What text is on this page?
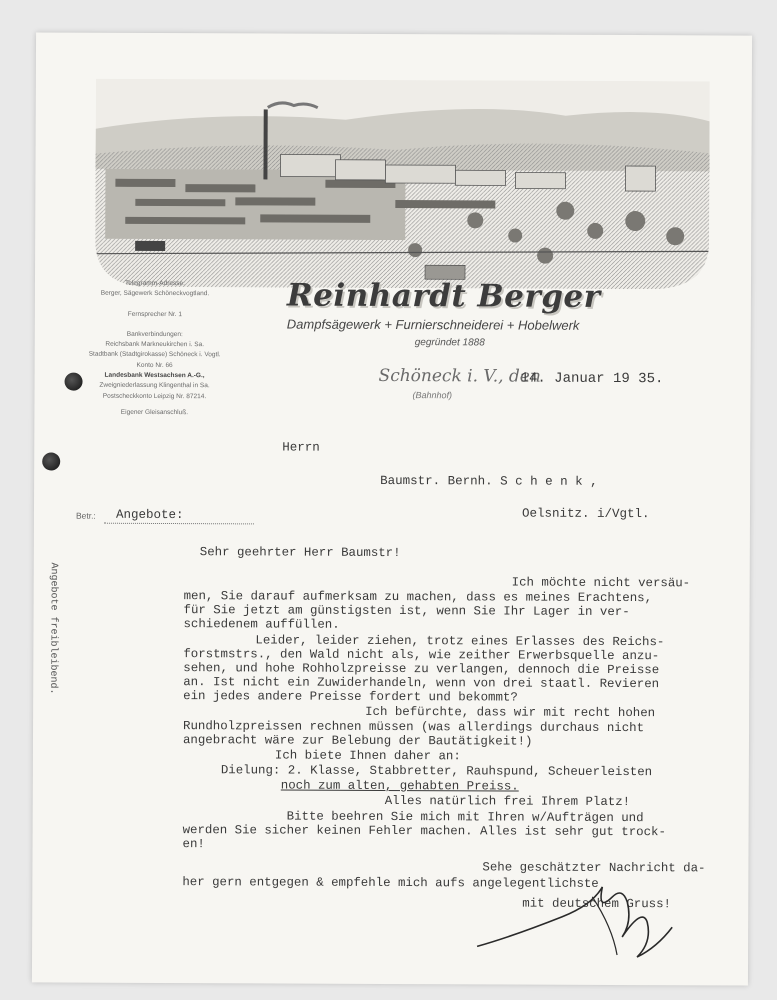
Telegramm-Adresse:
Berger, Sägewerk Schöneckvogtland.
Fernsprecher Nr. 1
Bankverbindungen:
Reichsbank Markneukirchen i. Sa.
Stadtbank (Stadtgirokasse) Schöneck i. Vogtl.
Konto Nr. 66
Landesbank Westsachsen A.-G.,
Zweigniederlassung Klingenthal in Sa.
Postscheckkonto Leipzig Nr. 87214.
Eigener Gleisanschluß.
Reinhardt Berger
Dampfsägewerk + Furnierschneiderei + Hobelwerk
gegründet 1888
Schöneck i. V., den
(Bahnhof)
14. Januar 19 35.
Herrn
Baumstr. Bernh. S c h e n k ,
Oelsnitz. i/Vgtl.
Betr.: Angebote:
Sehr geehrter Herr Baumstr!
Ich möchte nicht versäu-
men, Sie darauf aufmerksam zu machen, dass es meines Erachtens,
für Sie jetzt am günstigsten ist, wenn Sie Ihr Lager in ver-
schiedenem auffüllen.
Leider, leider ziehen, trotz eines Erlasses des Reichs-
forstmstrs., den Wald nicht als, wie zeither Erwerbsquelle anzu-
sehen, und hohe Rohholzpreisse zu verlangen, dennoch die Preisse
an. Ist nicht ein Zuwiderhandeln, wenn von drei staatl. Revieren
ein jedes andere Preisse fordert und bekommt?
Ich befürchte, dass wir mit recht hohen
Rundholzpreissen rechnen müssen (was allerdings durchaus nicht
angebracht wäre zur Belebung der Bautätigkeit!)
Ich biete Ihnen daher an:
Dielung: 2. Klasse, Stabbretter, Rauhspund, Scheuerleisten
noch zum alten, gehabten Preiss.
Alles natürlich frei Ihrem Platz!
Bitte beehren Sie mich mit Ihren w/Aufträgen und
werden Sie sicher keinen Fehler machen. Alles ist sehr gut trock-
en!
Sehe geschätzter Nachricht da-
her gern entgegen & empfehle mich aufs angelegentlichste
mit deutschem Gruss!
Angebote freibleibend.
